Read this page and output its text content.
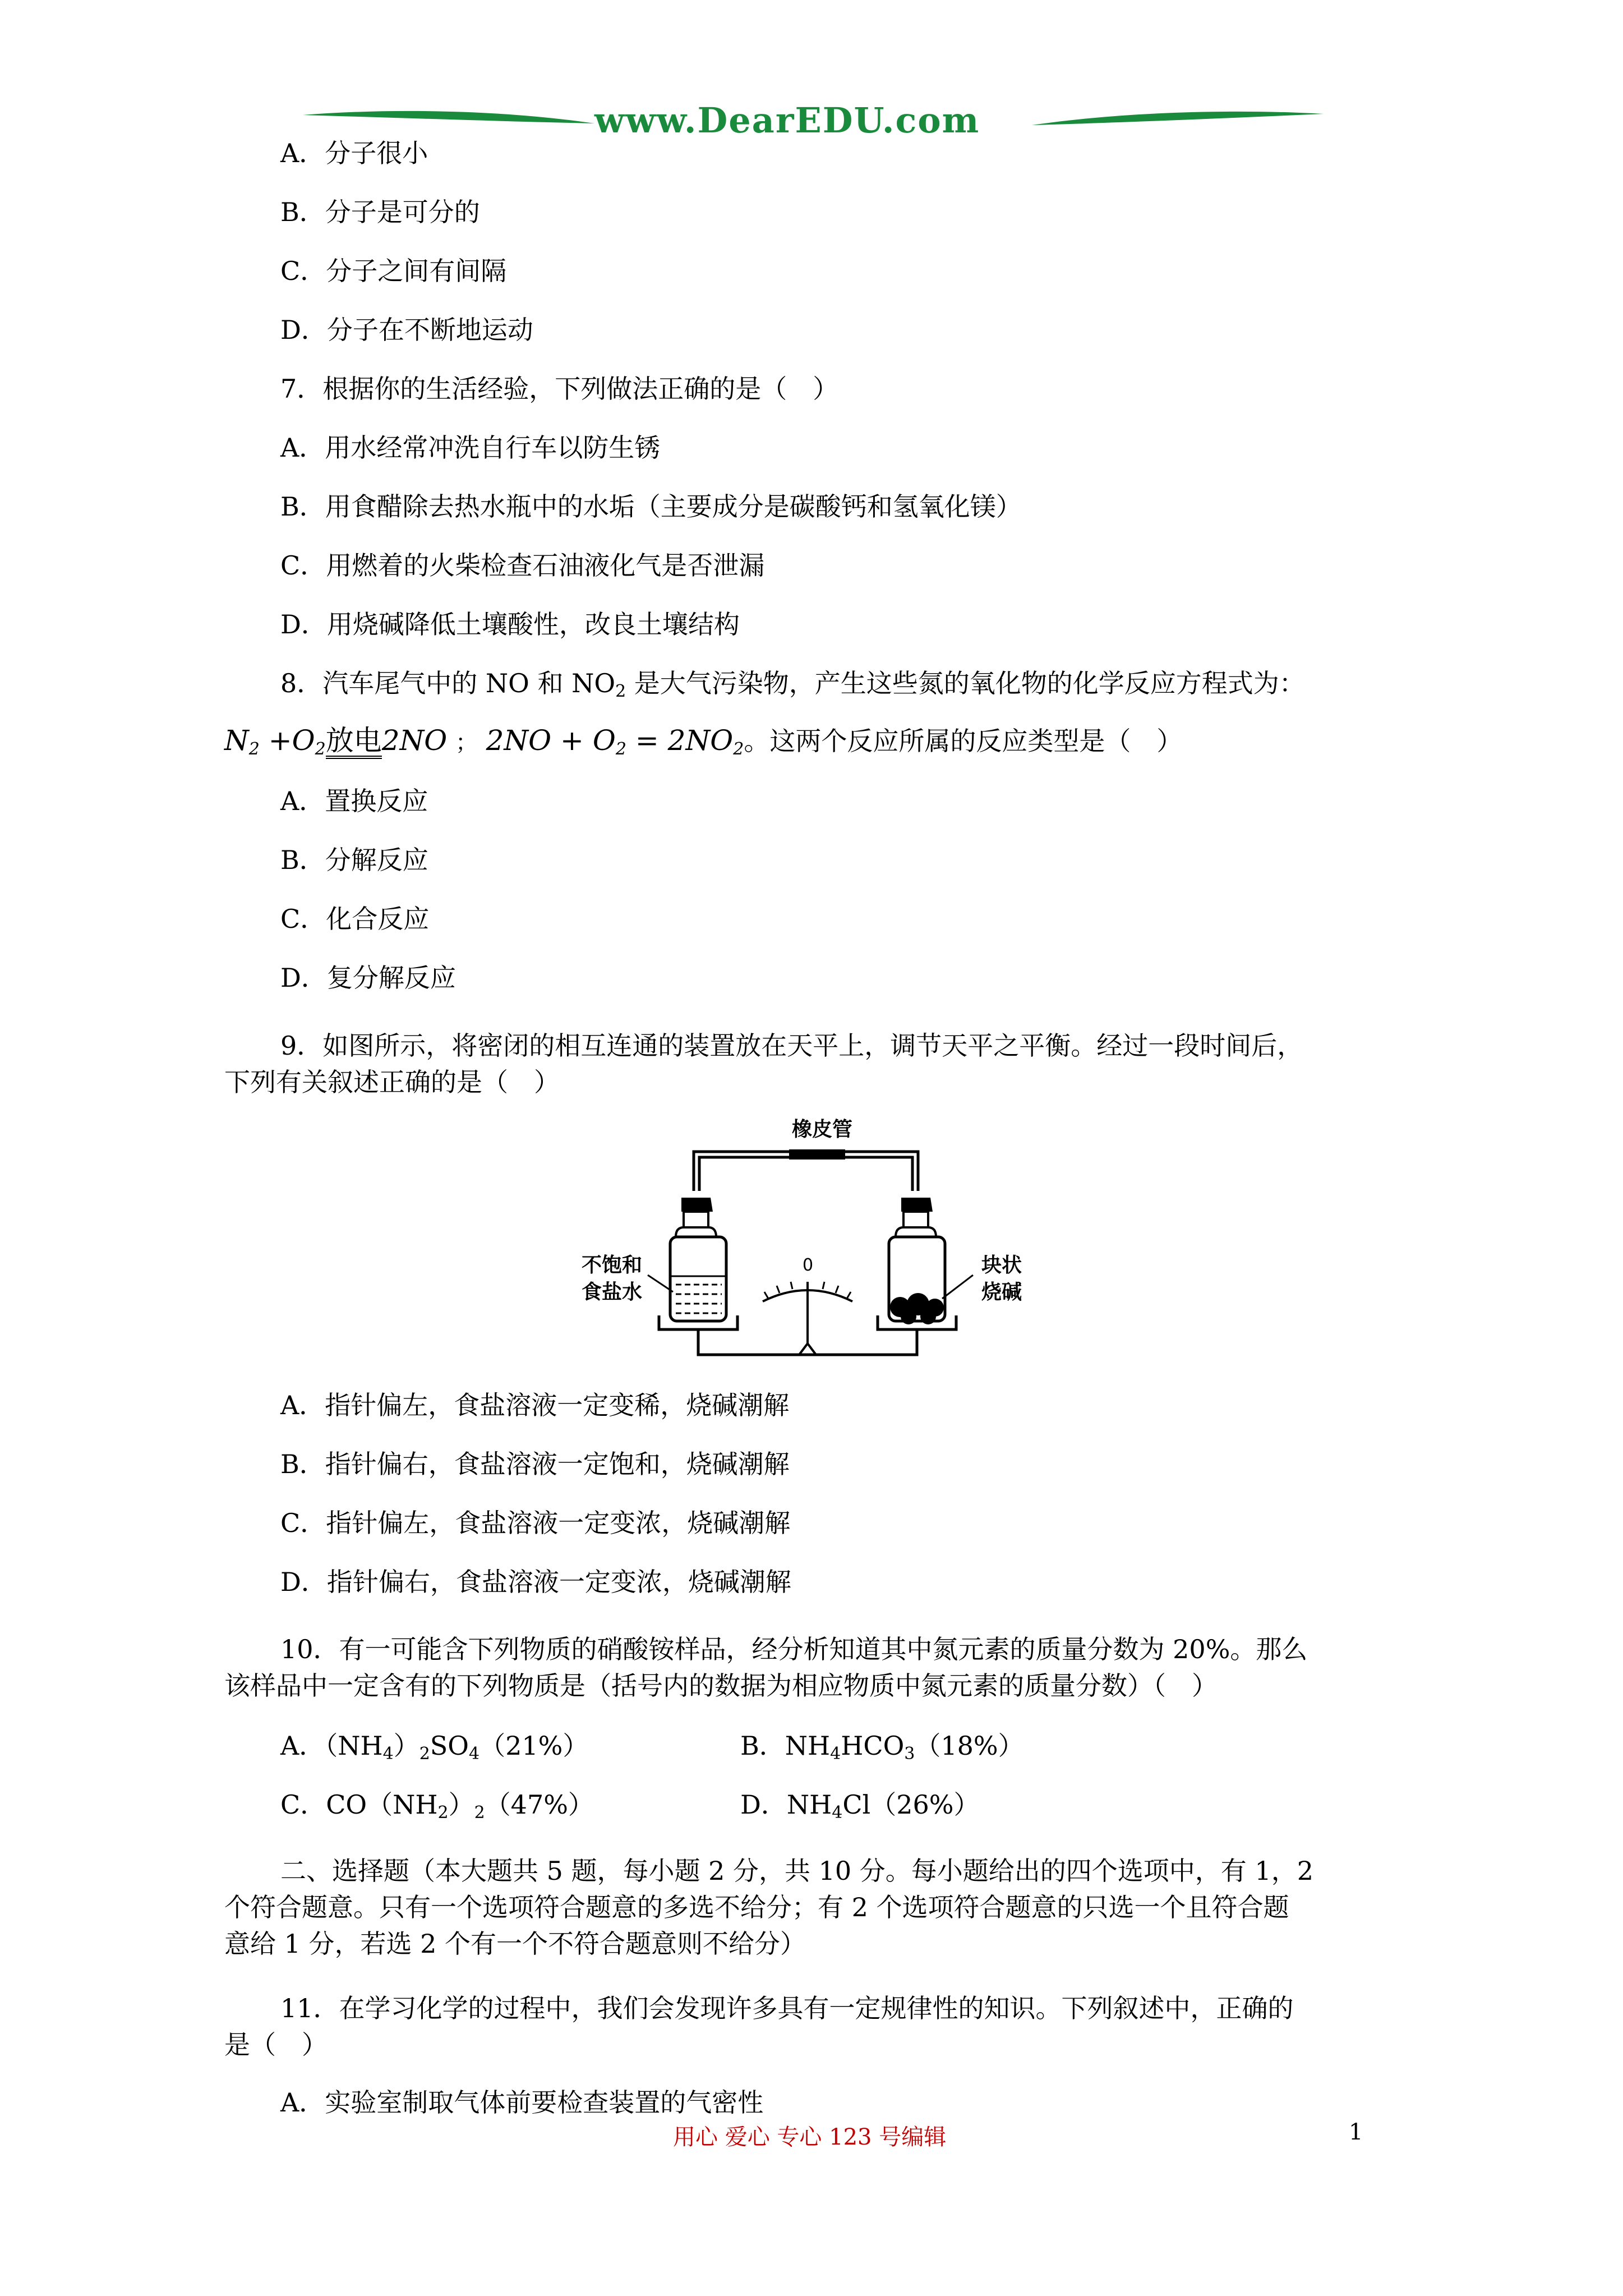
www.DearEDU.com
A．分子很小
B．分子是可分的
C．分子之间有间隔
D．分子在不断地运动
7．根据你的生活经验，下列做法正确的是（　）
A．用水经常冲洗自行车以防生锈
B．用食醋除去热水瓶中的水垢（主要成分是碳酸钙和氢氧化镁）
C．用燃着的火柴检查石油液化气是否泄漏
D．用烧碱降低土壤酸性，改良土壤结构
8．汽车尾气中的 NO 和 $NO_2$ 是大气污染物，产生这些氮的氧化物的化学反应方程式为：
$N_2 +O_2$放电2NO ； $2NO + O_2 = 2NO_2$。这两个反应所属的反应类型是（　）
A．置换反应
B．分解反应
C．化合反应
D．复分解反应
9．如图所示，将密闭的相互连通的装置放在天平上，调节天平之平衡。经过一段时间后，
下列有关叙述正确的是（　）
橡皮管
不饱和
食盐水
块状
烧碱
0
A．指针偏左，食盐溶液一定变稀，烧碱潮解
B．指针偏右，食盐溶液一定饱和，烧碱潮解
C．指针偏左，食盐溶液一定变浓，烧碱潮解
D．指针偏右，食盐溶液一定变浓，烧碱潮解
10．有一可能含下列物质的硝酸铵样品，经分析知道其中氮元素的质量分数为 20%。那么
该样品中一定含有的下列物质是（括号内的数据为相应物质中氮元素的质量分数）（　）
A．$(NH_4)_2SO_4(21\%)$	B．$NH_4HCO_3(18\%)$
C．$CO(NH_2)_2(47\%)$	D．$NH_4Cl(26\%)$
二、选择题（本大题共 5 题，每小题 2 分，共 10 分。每小题给出的四个选项中，有 1，2
个符合题意。只有一个选项符合题意的多选不给分；有 2 个选项符合题意的只选一个且符合题
意给 1 分，若选 2 个有一个不符合题意则不给分）
11．在学习化学的过程中，我们会发现许多具有一定规律性的知识。下列叙述中，正确的
是（　）
A．实验室制取气体前要检查装置的气密性
用心 爱心 专心 123 号编辑	1
